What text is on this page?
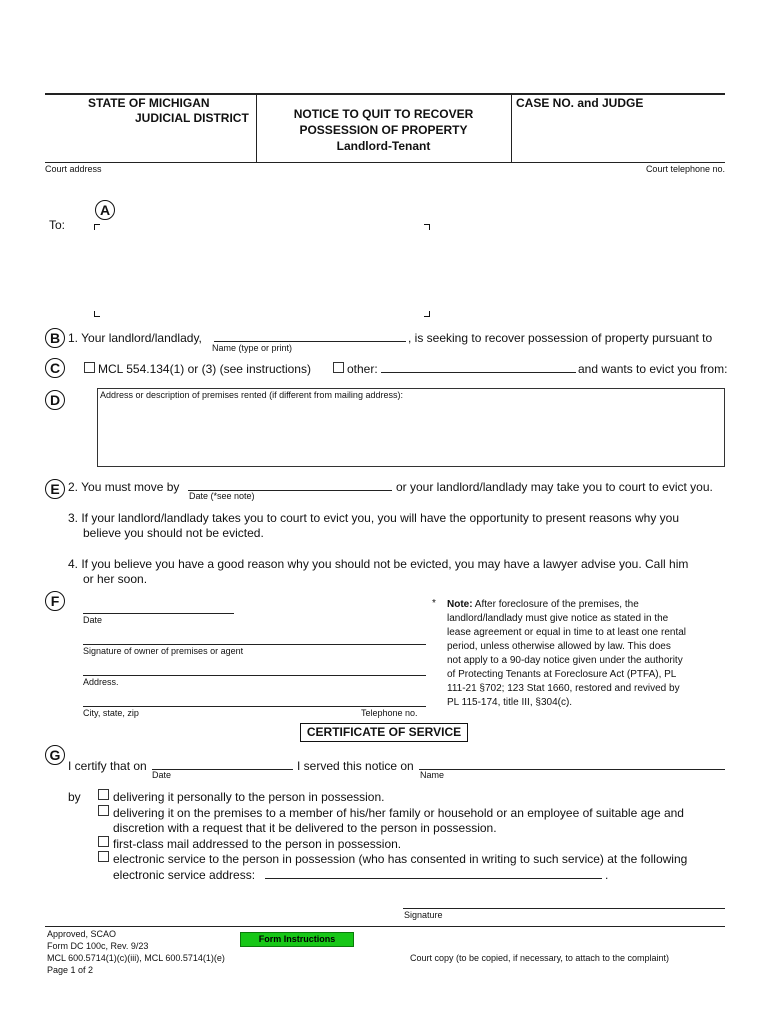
STATE OF MICHIGAN
JUDICIAL DISTRICT	NOTICE TO QUIT TO RECOVER
POSSESSION OF PROPERTY
Landlord-Tenant
CASE NO. and JUDGE
Court address	Court telephone no.
A
To:
B 1. Your landlord/landlady,
Name (type or print)
, is seeking to recover possession of property pursuant to
C	MCL 554.134(1) or (3) (see instructions)	other:	and wants to evict you from:
D	Address or description of premises rented (if different from mailing address):
E 2. You must move by
Date (*see note)
or your landlord/landlady may take you to court to evict you.
3. If your landlord/landlady takes you to court to evict you, you will have the opportunity to present reasons why you
believe you should not be evicted.
4. If you believe you have a good reason why you should not be evicted, you may have a lawyer advise you. Call him
or her soon.
F
Date
Signature of owner of premises or agent
Address.
City, state, zip	Telephone no.
* Note: After foreclosure of the premises, the
landlord/landlady must give notice as stated in the
lease agreement or equal in time to at least one rental
period, unless otherwise allowed by law. This does
not apply to a 90-day notice given under the authority
of Protecting Tenants at Foreclosure Act (PTFA), PL
111-21 §702; 123 Stat 1660, restored and revived by
PL 115-174, title III, §304(c).
CERTIFICATE OF SERVICE
G
I certify that on
Date
I served this notice on
Name
by	delivering it personally to the person in possession.
delivering it on the premises to a member of his/her family or household or an employee of suitable age and
discretion with a request that it be delivered to the person in possession.
first-class mail addressed to the person in possession.
electronic service to the person in possession (who has consented in writing to such service) at the following
electronic service address:	.
Signature
Approved, SCAO
Form DC 100c, Rev. 9/23
MCL 600.5714(1)(c)(iii), MCL 600.5714(1)(e)
Page 1 of 2
Form Instructions
Court copy (to be copied, if necessary, to attach to the complaint)
